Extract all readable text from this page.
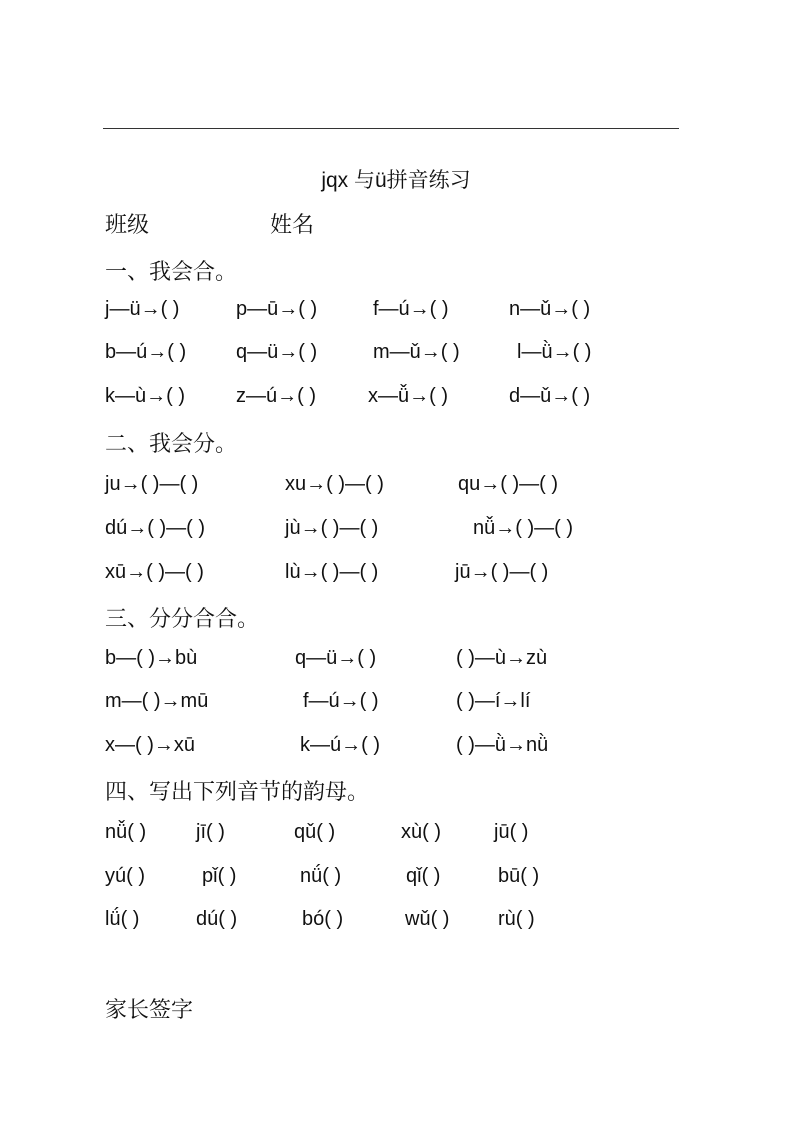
jqx 与ü拼音练习
班级	姓名
一、我会合。
j—ü→( )	p—ū→( )	f—ú→( )	n—ǔ→( )
b—ú→( ) q—ü→( )	m—ǔ→( )	l—ǜ→( )
k—ù→( )	z—ú→( )	x—ǚ→( )	d—ǔ→( )
二、我会分。
ju→( )—( )	xu→( )—( )	qu→( )—( )
dú→( )—( )	jù→( )—( )	nǚ→( )—( )
xū→( )—( )	lù→( )—( )	jū→( )—( )
三、分分合合。
b—( )→bù	q—ü→( )	( )—ù→zù
m—( )→mū	f—ú→( )	( )—í→lí
x—( )→xū	k—ú→( )	( )—ǜ→nǜ
四、写出下列音节的韵母。
nǚ( ) jī( )	qǔ( )	xù( )	jū( )
yú( )	pǐ( )	nǘ( )	qǐ( )	bū( )
lǘ( )	dú( )	bó( )	wǔ( ) rù( )
家长签字
